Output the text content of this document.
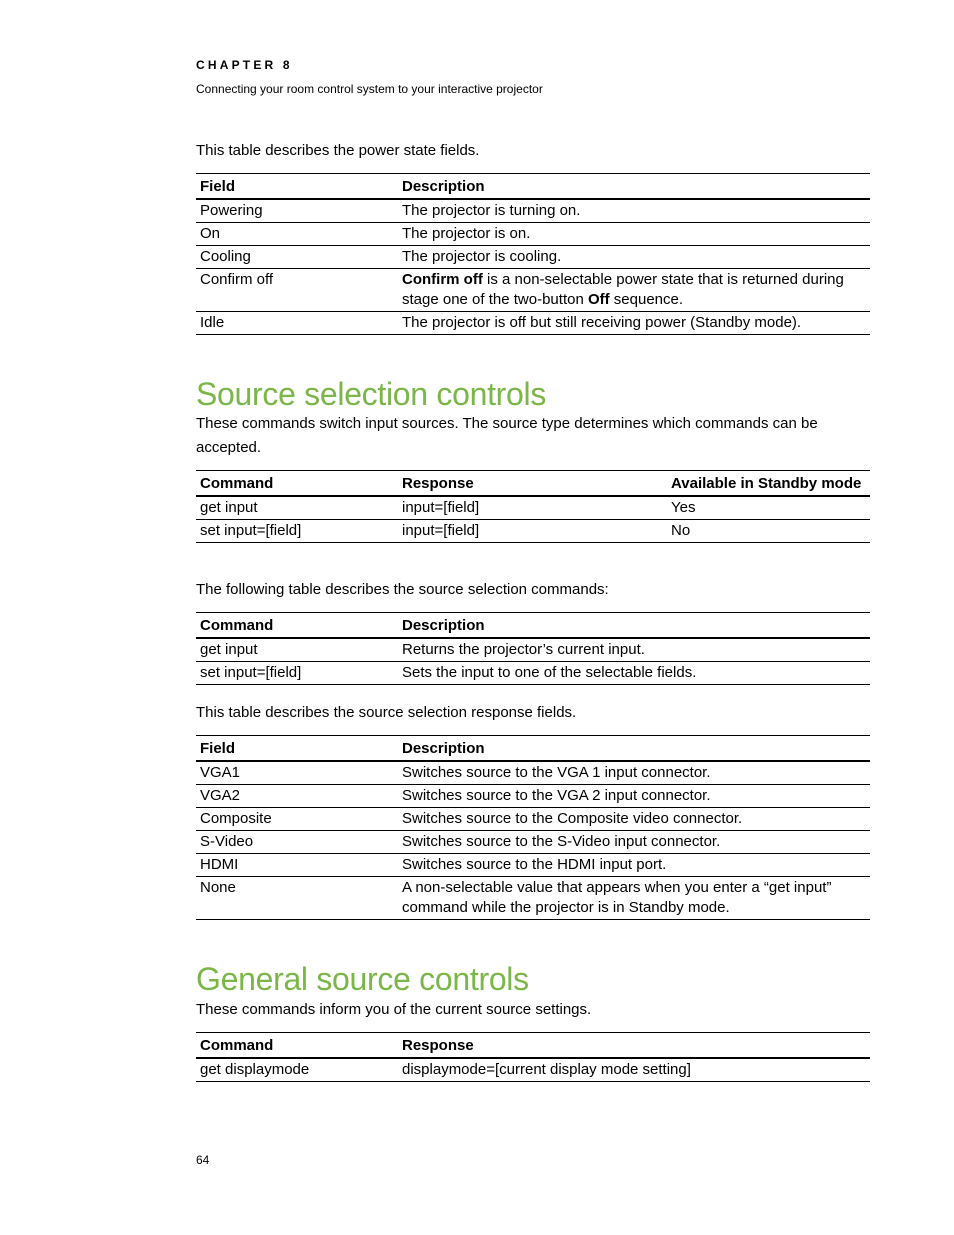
CHAPTER 8
Connecting your room control system to your interactive projector
This table describes the power state fields.
Field	Description
Powering	The projector is turning on.
On	The projector is on.
Cooling	The projector is cooling.
Confirm off	Confirm off is a non-selectable power state that is returned during stage one of the two-button Off sequence.
Idle	The projector is off but still receiving power (Standby mode).
Source selection controls
These commands switch input sources. The source type determines which commands can be accepted.
Command	Response	Available in Standby mode
get input	input=[field]	Yes
set input=[field]	input=[field]	No
The following table describes the source selection commands:
Command	Description
get input	Returns the projector’s current input.
set input=[field]	Sets the input to one of the selectable fields.
This table describes the source selection response fields.
Field	Description
VGA1	Switches source to the VGA 1 input connector.
VGA2	Switches source to the VGA 2 input connector.
Composite	Switches source to the Composite video connector.
S-Video	Switches source to the S-Video input connector.
HDMI	Switches source to the HDMI input port.
None	A non-selectable value that appears when you enter a “get input” command while the projector is in Standby mode.
General source controls
These commands inform you of the current source settings.
Command	Response
get displaymode	displaymode=[current display mode setting]
64
